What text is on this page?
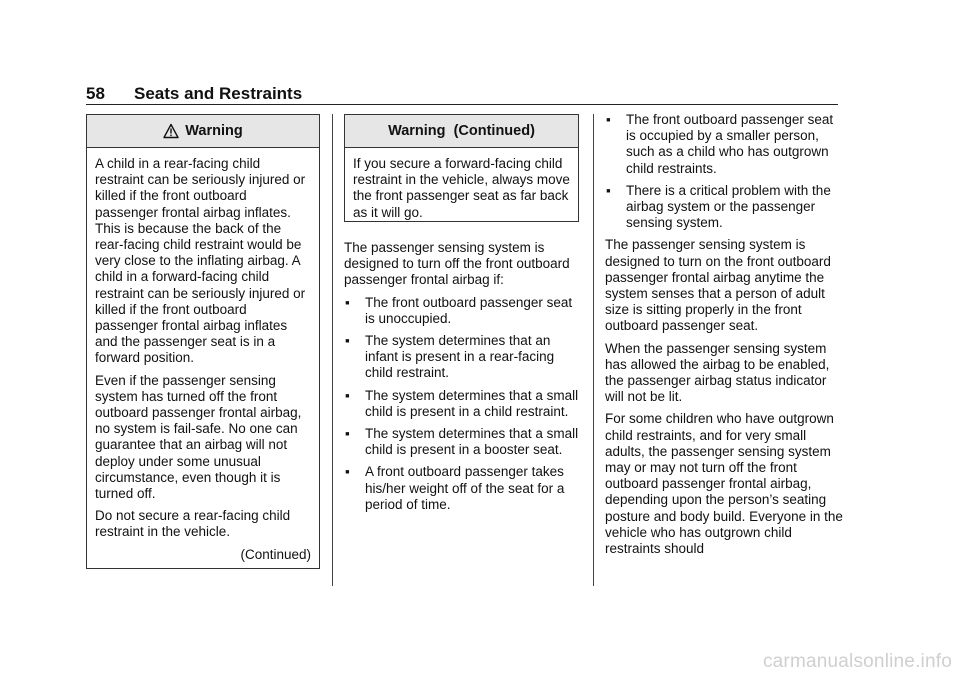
58 Seats and Restraints
Warning

A child in a rear-facing child restraint can be seriously injured or killed if the front outboard passenger frontal airbag inflates. This is because the back of the rear-facing child restraint would be very close to the inflating airbag. A child in a forward-facing child restraint can be seriously injured or killed if the front outboard passenger frontal airbag inflates and the passenger seat is in a forward position.

Even if the passenger sensing system has turned off the front outboard passenger frontal airbag, no system is fail-safe. No one can guarantee that an airbag will not deploy under some unusual circumstance, even though it is turned off.

Do not secure a rear-facing child restraint in the vehicle.

(Continued)
Warning  (Continued)

If you secure a forward-facing child restraint in the vehicle, always move the front passenger seat as far back as it will go.

The passenger sensing system is designed to turn off the front outboard passenger frontal airbag if:

▪	The front outboard passenger seat is unoccupied.
▪	The system determines that an infant is present in a rear-facing child restraint.
▪	The system determines that a small child is present in a child restraint.
▪	The system determines that a small child is present in a booster seat.
▪	A front outboard passenger takes his/her weight off of the seat for a period of time.
▪	The front outboard passenger seat is occupied by a smaller person, such as a child who has outgrown child restraints.
▪	There is a critical problem with the airbag system or the passenger sensing system.

The passenger sensing system is designed to turn on the front outboard passenger frontal airbag anytime the system senses that a person of adult size is sitting properly in the front outboard passenger seat.

When the passenger sensing system has allowed the airbag to be enabled, the passenger airbag status indicator will not be lit.

For some children who have outgrown child restraints, and for very small adults, the passenger sensing system may or may not turn off the front outboard passenger frontal airbag, depending upon the person’s seating posture and body build. Everyone in the vehicle who has outgrown child restraints should

carmanualsonline.info
